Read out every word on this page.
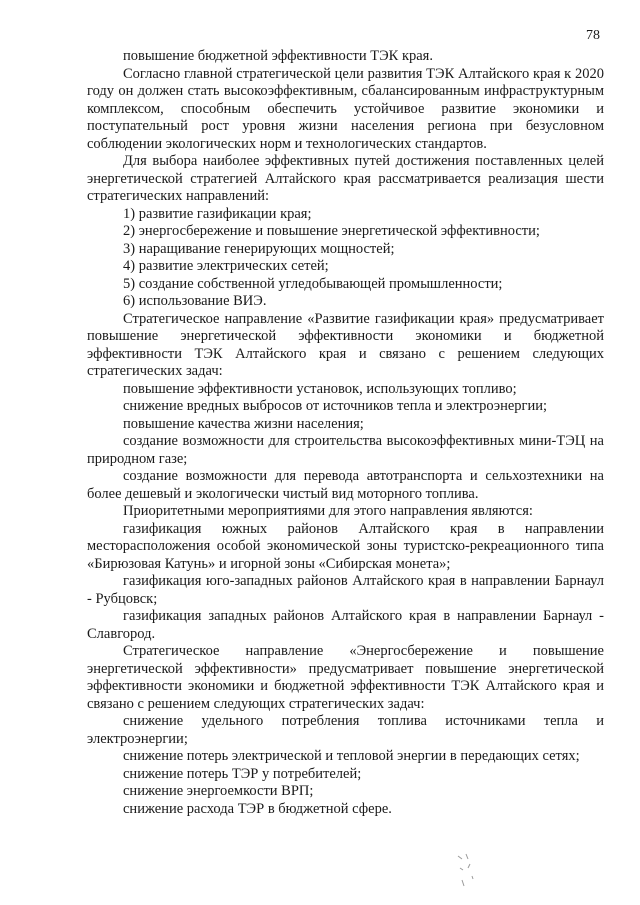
78

повышение бюджетной эффективности ТЭК края.

Согласно главной стратегической цели развития ТЭК Алтайского края к 2020 году он должен стать высокоэффективным, сбалансированным инфраструктурным комплексом, способным обеспечить устойчивое развитие экономики и поступательный рост уровня жизни населения региона при безусловном соблюдении экологических норм и технологических стандартов.

Для выбора наиболее эффективных путей достижения поставленных целей энергетической стратегией Алтайского края рассматривается реализация шести стратегических направлений:

1) развитие газификации края;

2) энергосбережение и повышение энергетической эффективности;

3) наращивание генерирующих мощностей;

4) развитие электрических сетей;

5) создание собственной угледобывающей промышленности;

6) использование ВИЭ.

Стратегическое направление «Развитие газификации края» предусматривает повышение энергетической эффективности экономики и бюджетной эффективности ТЭК Алтайского края и связано с решением следующих стратегических задач:

повышение эффективности установок, использующих топливо;

снижение вредных выбросов от источников тепла и электроэнергии;

повышение качества жизни населения;

создание возможности для строительства высокоэффективных мини-ТЭЦ на природном газе;

создание возможности для перевода автотранспорта и сельхозтехники на более дешевый и экологически чистый вид моторного топлива.

Приоритетными мероприятиями для этого направления являются:

газификация южных районов Алтайского края в направлении месторасположения особой экономической зоны туристско-рекреационного типа «Бирюзовая Катунь» и игорной зоны «Сибирская монета»;

газификация юго-западных районов Алтайского края в направлении Барнаул - Рубцовск;

газификация западных районов Алтайского края в направлении Барнаул - Славгород.

Стратегическое направление «Энергосбережение и повышение энергетической эффективности» предусматривает повышение энергетической эффективности экономики и бюджетной эффективности ТЭК Алтайского края и связано с решением следующих стратегических задач:

снижение удельного потребления топлива источниками тепла и электроэнергии;

снижение потерь электрической и тепловой энергии в передающих сетях;

снижение потерь ТЭР у потребителей;

снижение энергоемкости ВРП;

снижение расхода ТЭР в бюджетной сфере.
